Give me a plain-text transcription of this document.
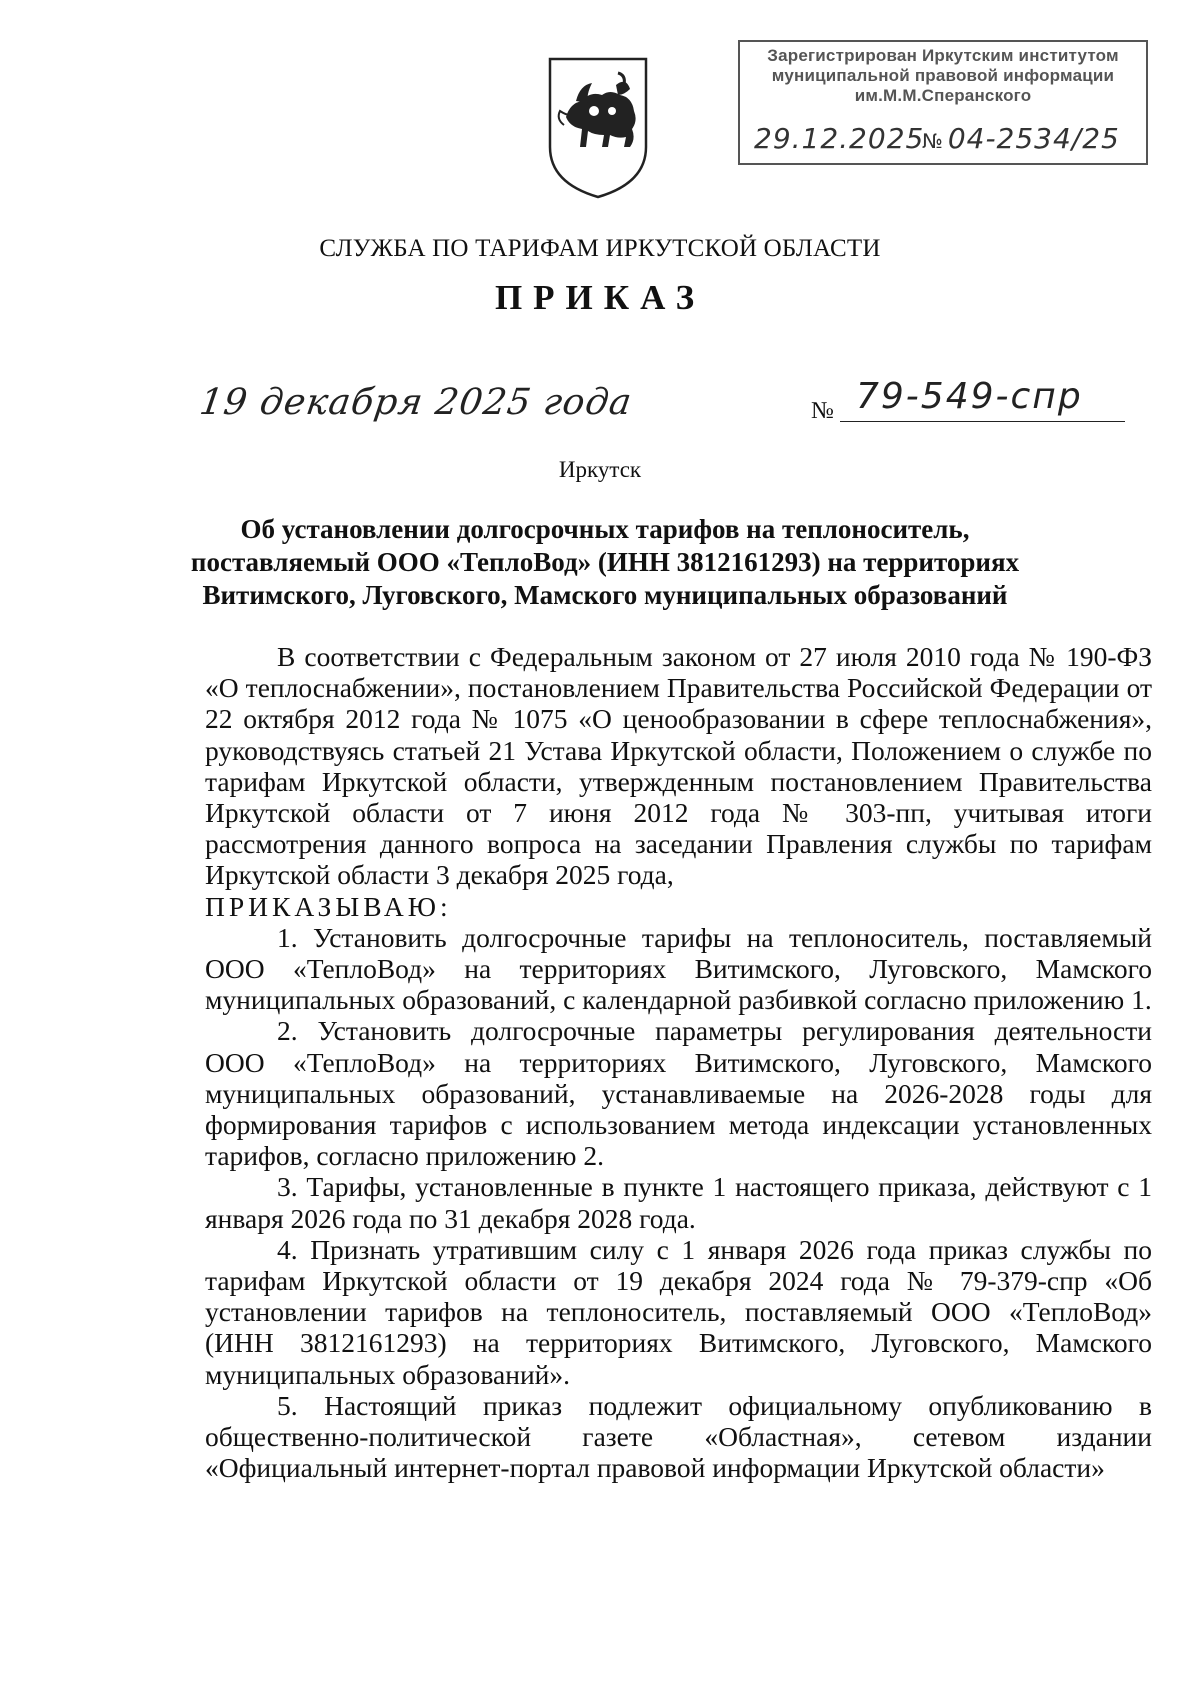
Зарегистрирован Иркутским институтом
муниципальной правовой информации
им.М.М.Сперанского
29.12.2025
№ 04-2534/25
СЛУЖБА ПО ТАРИФАМ ИРКУТСКОЙ ОБЛАСТИ
ПРИКАЗ
19 декабря 2025 года	№ 79-549-спр
Иркутск
Об установлении долгосрочных тарифов на теплоноситель,
поставляемый ООО «ТеплоВод» (ИНН 3812161293) на территориях
Витимского, Луговского, Мамского муниципальных образований

В соответствии с Федеральным законом от 27 июля 2010 года № 190-ФЗ «О теплоснабжении», постановлением Правительства Российской Федерации от 22 октября 2012 года № 1075 «О ценообразовании в сфере теплоснабжения», руководствуясь статьей 21 Устава Иркутской области, Положением о службе по тарифам Иркутской области, утвержденным постановлением Правительства Иркутской области от 7 июня 2012 года № 303-пп, учитывая итоги рассмотрения данного вопроса на заседании Правления службы по тарифам Иркутской области 3 декабря 2025 года,

ПРИКАЗЫВАЮ:

1. Установить долгосрочные тарифы на теплоноситель, поставляемый ООО «ТеплоВод» на территориях Витимского, Луговского, Мамского муниципальных образований, с календарной разбивкой согласно приложению 1.

2. Установить долгосрочные параметры регулирования деятельности ООО «ТеплоВод» на территориях Витимского, Луговского, Мамского муниципальных образований, устанавливаемые на 2026-2028 годы для формирования тарифов с использованием метода индексации установленных тарифов, согласно приложению 2.

3. Тарифы, установленные в пункте 1 настоящего приказа, действуют с 1 января 2026 года по 31 декабря 2028 года.

4. Признать утратившим силу с 1 января 2026 года приказ службы по тарифам Иркутской области от 19 декабря 2024 года № 79-379-спр «Об установлении тарифов на теплоноситель, поставляемый ООО «ТеплоВод» (ИНН 3812161293) на территориях Витимского, Луговского, Мамского муниципальных образований».

5. Настоящий приказ подлежит официальному опубликованию в общественно-политической газете «Областная», сетевом издании «Официальный интернет-портал правовой информации Иркутской области»
